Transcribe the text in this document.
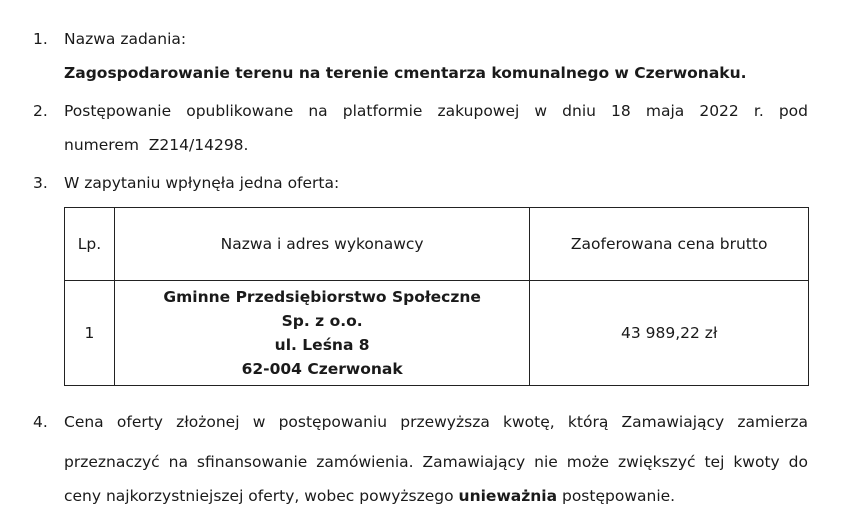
1.	Nazwa zadania:
Zagospodarowanie terenu na terenie cmentarza komunalnego w Czerwonaku.
2.	Postępowanie opublikowane na platformie zakupowej w dniu 18 maja 2022 r. pod
numerem  Z214/14298.
3.	W zapytaniu wpłynęła jedna oferta:
Lp.	Nazwa i adres wykonawcy	Zaoferowana cena brutto
1	Gminne Przedsiębiorstwo Społeczne
Sp. z o.o.
ul. Leśna 8
62-004 Czerwonak	43 989,22 zł
4.	Cena oferty złożonej w postępowaniu przewyższa kwotę, którą Zamawiający zamierza
przeznaczyć na sfinansowanie zamówienia. Zamawiający nie może zwiększyć tej kwoty do
ceny najkorzystniejszej oferty, wobec powyższego unieważnia postępowanie.
